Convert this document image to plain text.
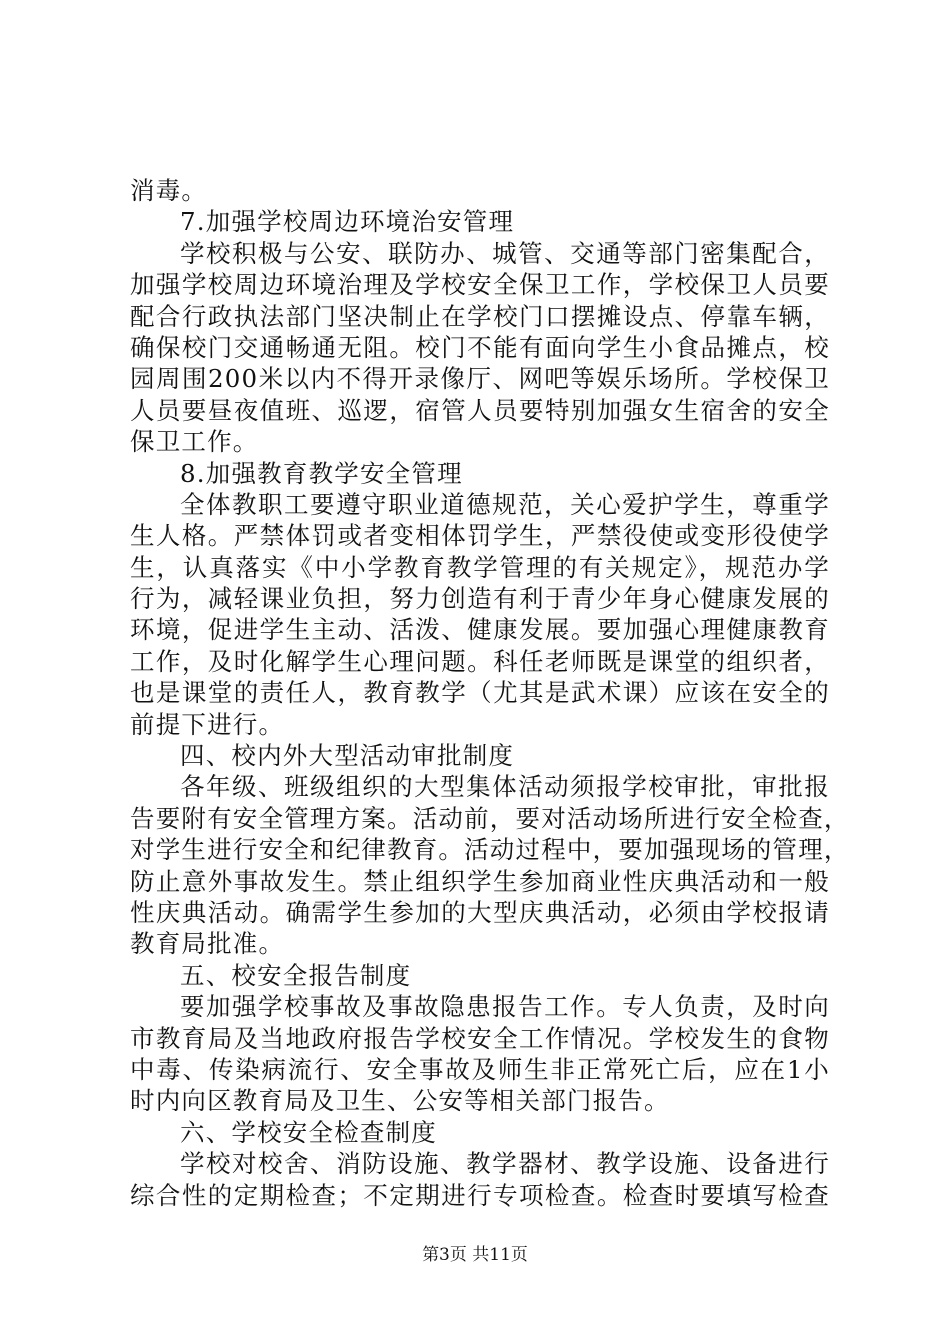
消毒。
7.加强学校周边环境治安管理
学校积极与公安、联防办、城管、交通等部门密集配合，
加强学校周边环境治理及学校安全保卫工作，学校保卫人员要
配合行政执法部门坚决制止在学校门口摆摊设点、停靠车辆，
确保校门交通畅通无阻。校门不能有面向学生小食品摊点，校
园周围200米以内不得开录像厅、网吧等娱乐场所。学校保卫
人员要昼夜值班、巡逻，宿管人员要特别加强女生宿舍的安全
保卫工作。
8.加强教育教学安全管理
全体教职工要遵守职业道德规范，关心爱护学生，尊重学
生人格。严禁体罚或者变相体罚学生，严禁役使或变形役使学
生，认真落实《中小学教育教学管理的有关规定》，规范办学
行为，减轻课业负担，努力创造有利于青少年身心健康发展的
环境，促进学生主动、活泼、健康发展。要加强心理健康教育
工作，及时化解学生心理问题。科任老师既是课堂的组织者，
也是课堂的责任人，教育教学（尤其是武术课）应该在安全的
前提下进行。
四、校内外大型活动审批制度
各年级、班级组织的大型集体活动须报学校审批，审批报
告要附有安全管理方案。活动前，要对活动场所进行安全检查，
对学生进行安全和纪律教育。活动过程中，要加强现场的管理，
防止意外事故发生。禁止组织学生参加商业性庆典活动和一般
性庆典活动。确需学生参加的大型庆典活动，必须由学校报请
教育局批准。
五、校安全报告制度
要加强学校事故及事故隐患报告工作。专人负责，及时向
市教育局及当地政府报告学校安全工作情况。学校发生的食物
中毒、传染病流行、安全事故及师生非正常死亡后，应在1小
时内向区教育局及卫生、公安等相关部门报告。
六、学校安全检查制度
学校对校舍、消防设施、教学器材、教学设施、设备进行
综合性的定期检查；不定期进行专项检查。检查时要填写检查
第3页 共11页
